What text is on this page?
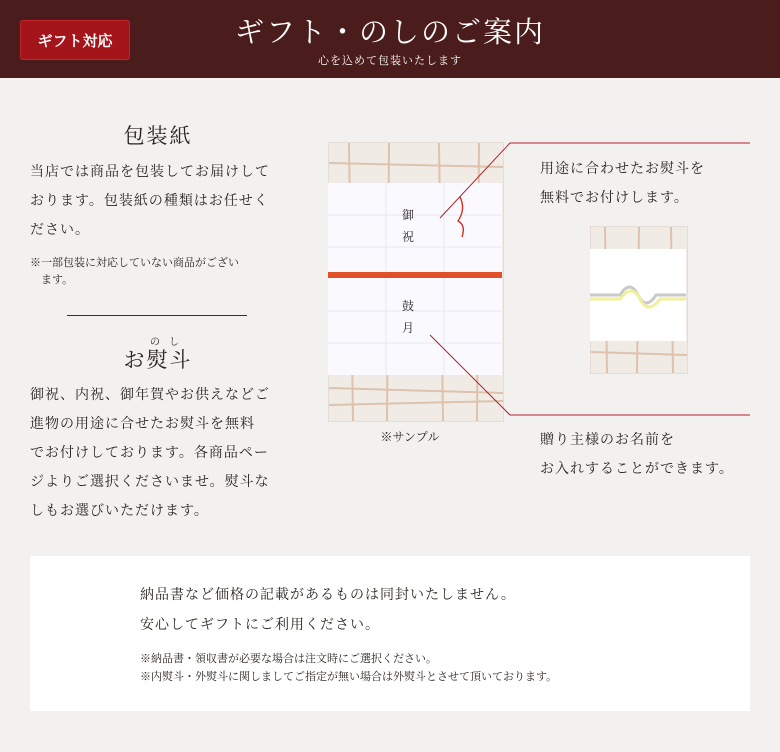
ギフト対応	ギフト・のしのご案内
心を込めて包装いたします
包装紙
当店では商品を包装してお届けして
おります。包装紙の種類はお任せく
ださい。
※一部包装に対応していない商品がござい
　ます。
のし
お熨斗
御祝、内祝、御年賀やお供えなどご
進物の用途に合せたお熨斗を無料
でお付けしております。各商品ペー
ジよりご選択くださいませ。熨斗な
しもお選びいただけます。
御
祝
鼓
月
※サンプル
用途に合わせたお熨斗を
無料でお付けします。
贈り主様のお名前を
お入れすることができます。
納品書など価格の記載があるものは同封いたしません。
安心してギフトにご利用ください。
※納品書・領収書が必要な場合は注文時にご選択ください。
※内熨斗・外熨斗に関しましてご指定が無い場合は外熨斗とさせて頂いております。
